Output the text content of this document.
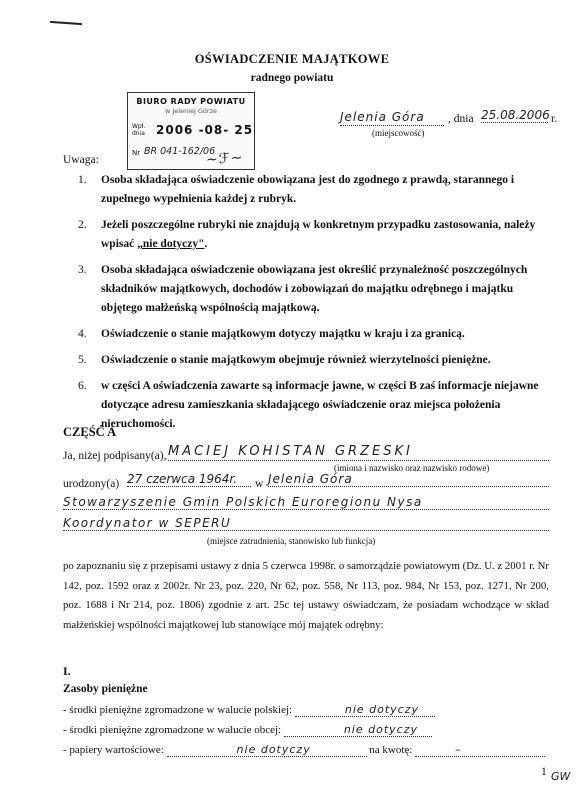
OŚWIADCZENIE MAJĄTKOWE
radnego powiatu
BIURO RADY POWIATU
w Jeleniej Górze
Wpł.
dnia 2006 -08- 25
Nr BR 041-162/06
~ℱ~
Jelenia Góra	, dnia 25.08.2006 r.
(miejscowość)
Uwaga:
1. Osoba składająca oświadczenie obowiązana jest do zgodnego z prawdą, starannego i zupełnego wypełnienia każdej z rubryk.
2. Jeżeli poszczególne rubryki nie znajdują w konkretnym przypadku zastosowania, należy wpisać „nie dotyczy".
3. Osoba składająca oświadczenie obowiązana jest określić przynależność poszczególnych składników majątkowych, dochodów i zobowiązań do majątku odrębnego i majątku objętego małżeńską wspólnością majątkową.
4. Oświadczenie o stanie majątkowym dotyczy majątku w kraju i za granicą.
5. Oświadczenie o stanie majątkowym obejmuje również wierzytelności pieniężne.
6. w części A oświadczenia zawarte są informacje jawne, w części B zaś informacje niejawne dotyczące adresu zamieszkania składającego oświadczenie oraz miejsca położenia nieruchomości.
CZĘŚĆ A
Ja, niżej podpisany(a), MACIEJ KOHISTAN GRZESKI
(imiona i nazwisko oraz nazwisko rodowe)
urodzony(a) 27 czerwca 1964r.	w Jelenia Góra
Stowarzyszenie Gmin Polskich Euroregionu Nysa
Koordynator w SEPERU
(miejsce zatrudnienia, stanowisko lub funkcja)
po zapoznaniu się z przepisami ustawy z dnia 5 czerwca 1998r. o samorządzie powiatowym (Dz. U. z 2001 r. Nr 142, poz. 1592 oraz z 2002r. Nr 23, poz. 220, Nr 62, poz. 558, Nr 113, poz. 984, Nr 153, poz. 1271, Nr 200, poz. 1688 i Nr 214, poz. 1806) zgodnie z art. 25c tej ustawy oświadczam, że posiadam wchodzące w skład małżeńskiej wspólności majątkowej lub stanowiące mój majątek odrębny:
I.
Zasoby pieniężne
- środki pieniężne zgromadzone w walucie polskiej:	nie dotyczy
- środki pieniężne zgromadzone w walucie obcej:	nie dotyczy
- papiery wartościowe:	nie dotyczy	na kwotę:	–
1 GW
